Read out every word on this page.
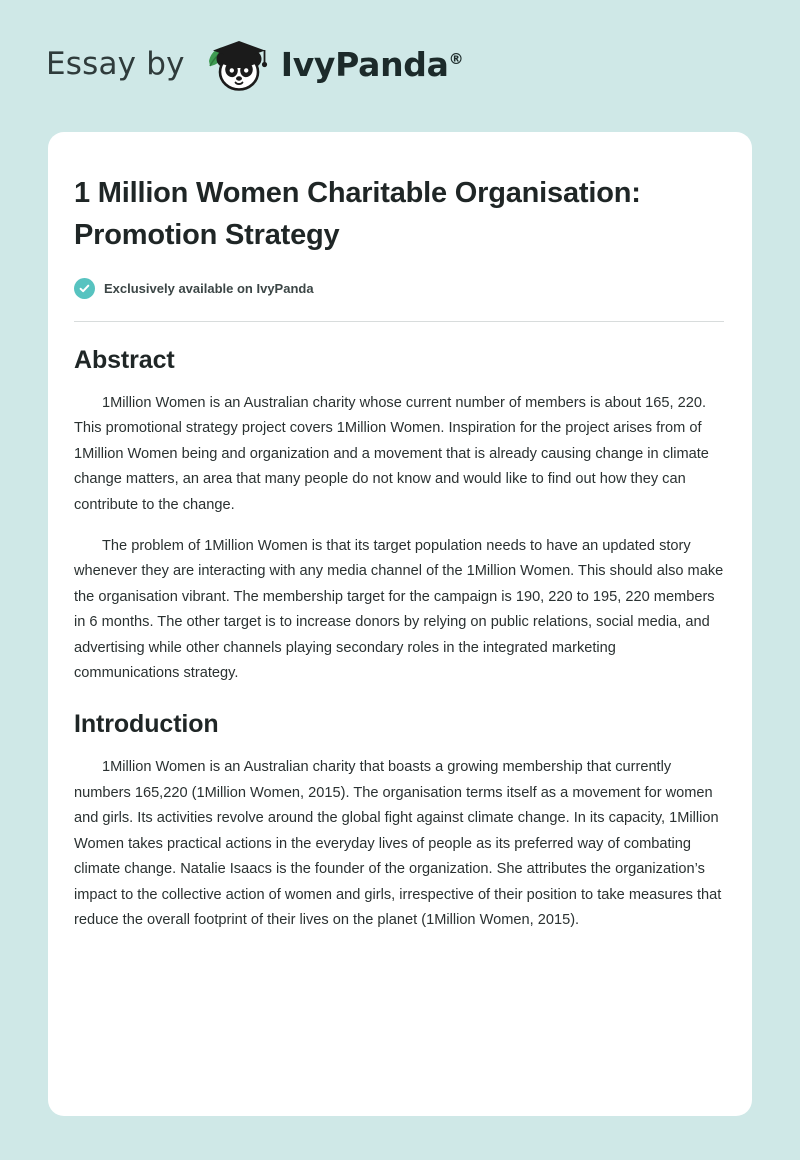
Essay by	IvyPanda®
1 Million Women Charitable Organisation: Promotion Strategy
Exclusively available on IvyPanda
Abstract

1Million Women is an Australian charity whose current number of members is about 165, 220. This promotional strategy project covers 1Million Women. Inspiration for the project arises from of 1Million Women being and organization and a movement that is already causing change in climate change matters, an area that many people do not know and would like to find out how they can contribute to the change.

The problem of 1Million Women is that its target population needs to have an updated story whenever they are interacting with any media channel of the 1Million Women. This should also make the organisation vibrant. The membership target for the campaign is 190, 220 to 195, 220 members in 6 months. The other target is to increase donors by relying on public relations, social media, and advertising while other channels playing secondary roles in the integrated marketing communications strategy.

Introduction

1Million Women is an Australian charity that boasts a growing membership that currently numbers 165,220 (1Million Women, 2015). The organisation terms itself as a movement for women and girls. Its activities revolve around the global fight against climate change. In its capacity, 1Million Women takes practical actions in the everyday lives of people as its preferred way of combating climate change. Natalie Isaacs is the founder of the organization. She attributes the organization’s impact to the collective action of women and girls, irrespective of their position to take measures that reduce the overall footprint of their lives on the planet (1Million Women, 2015).
